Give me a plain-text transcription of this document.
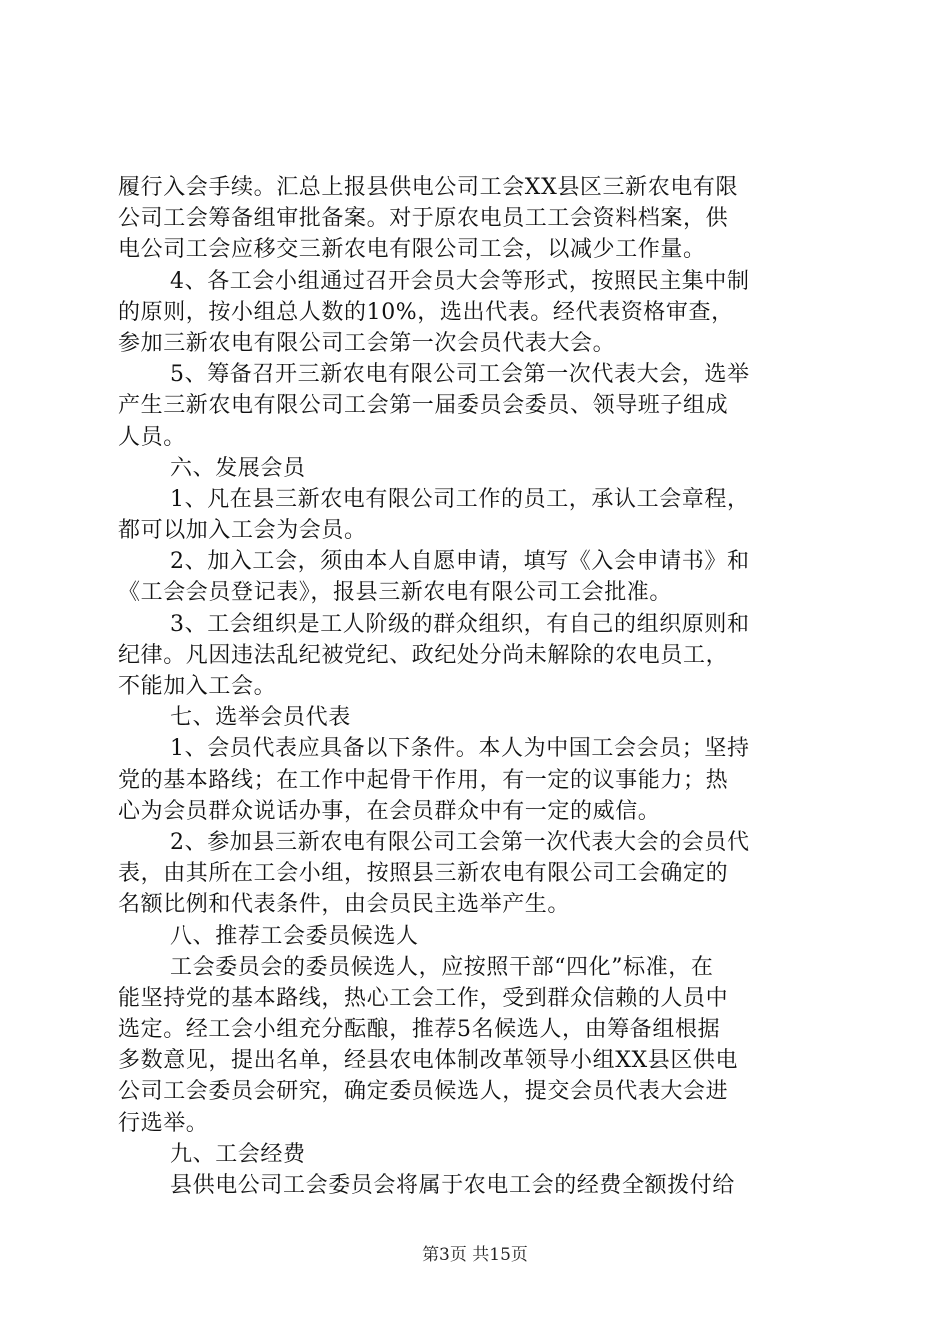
履行入会手续。汇总上报县供电公司工会XX县区三新农电有限
公司工会筹备组审批备案。对于原农电员工工会资料档案，供
电公司工会应移交三新农电有限公司工会，以减少工作量。
4、各工会小组通过召开会员大会等形式，按照民主集中制
的原则，按小组总人数的10%，选出代表。经代表资格审查，
参加三新农电有限公司工会第一次会员代表大会。
5、筹备召开三新农电有限公司工会第一次代表大会，选举
产生三新农电有限公司工会第一届委员会委员、领导班子组成
人员。
六、发展会员
1、凡在县三新农电有限公司工作的员工，承认工会章程，
都可以加入工会为会员。
2、加入工会，须由本人自愿申请，填写《入会申请书》和
《工会会员登记表》，报县三新农电有限公司工会批准。
3、工会组织是工人阶级的群众组织，有自己的组织原则和
纪律。凡因违法乱纪被党纪、政纪处分尚未解除的农电员工，
不能加入工会。
七、选举会员代表
1、会员代表应具备以下条件。本人为中国工会会员；坚持
党的基本路线；在工作中起骨干作用，有一定的议事能力；热
心为会员群众说话办事，在会员群众中有一定的威信。
2、参加县三新农电有限公司工会第一次代表大会的会员代
表，由其所在工会小组，按照县三新农电有限公司工会确定的
名额比例和代表条件，由会员民主选举产生。
八、推荐工会委员候选人
工会委员会的委员候选人，应按照干部“四化”标准，在
能坚持党的基本路线，热心工会工作，受到群众信赖的人员中
选定。经工会小组充分酝酿，推荐5名候选人，由筹备组根据
多数意见，提出名单，经县农电体制改革领导小组XX县区供电
公司工会委员会研究，确定委员候选人，提交会员代表大会进
行选举。
九、工会经费
县供电公司工会委员会将属于农电工会的经费全额拨付给
第3页 共15页
